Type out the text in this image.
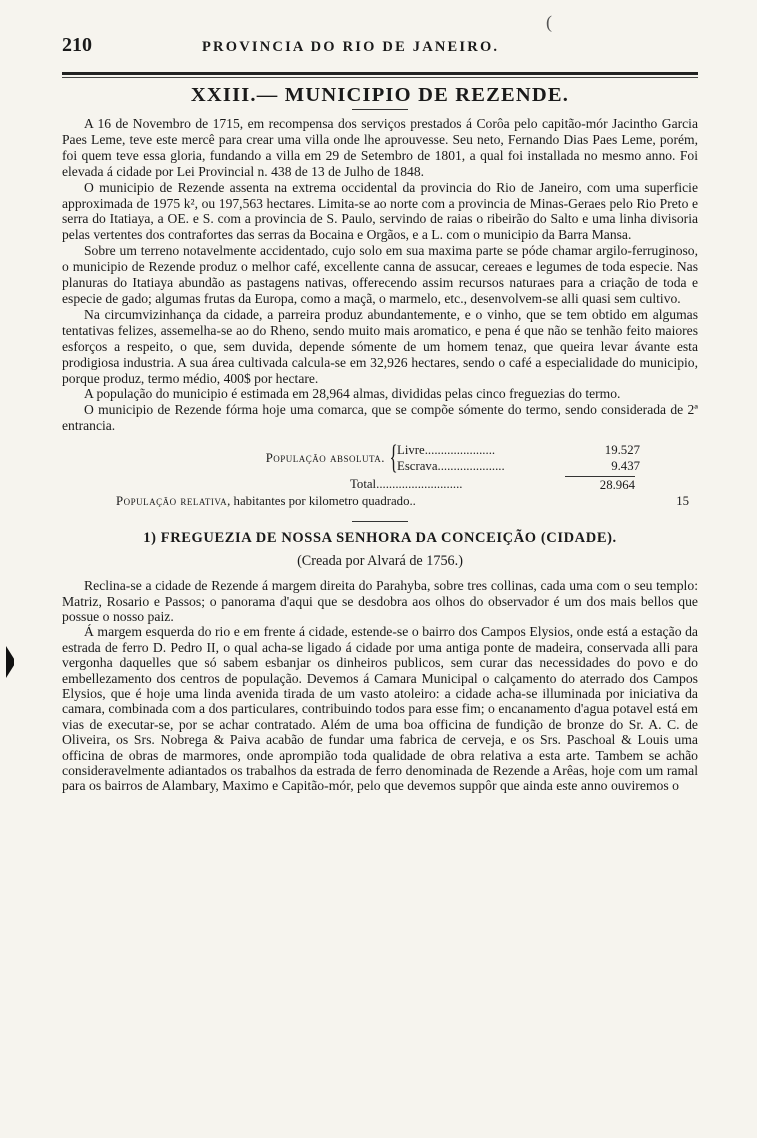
(
210	PROVINCIA DO RIO DE JANEIRO.
XXIII.— MUNICIPIO DE REZENDE.

A 16 de Novembro de 1715, em recompensa dos serviços prestados á Corôa pelo capitão-mór Jacintho Garcia Paes Leme, teve este mercê para crear uma villa onde lhe aprouvesse. Seu neto, Fernando Dias Paes Leme, porém, foi quem teve essa gloria, fundando a villa em 29 de Setembro de 1801, a qual foi installada no mesmo anno. Foi elevada á cidade por Lei Provincial n. 438 de 13 de Julho de 1848.

O municipio de Rezende assenta na extrema occidental da provincia do Rio de Janeiro, com uma superficie approximada de 1975 k², ou 197,563 hectares. Limita-se ao norte com a provincia de Minas-Geraes pelo Rio Preto e serra do Itatiaya, a OE. e S. com a provincia de S. Paulo, servindo de raias o ribeirão do Salto e uma linha divisoria pelas vertentes dos contrafortes das serras da Bocaina e Orgãos, e a L. com o municipio da Barra Mansa.

Sobre um terreno notavelmente accidentado, cujo solo em sua maxima parte se póde chamar argilo-ferruginoso, o municipio de Rezende produz o melhor café, excellente canna de assucar, cereaes e legumes de toda especie. Nas planuras do Itatiaya abundão as pastagens nativas, offerecendo assim recursos naturaes para a criação de toda e especie de gado; algumas frutas da Europa, como a maçã, o marmelo, etc., desenvolvem-se alli quasi sem cultivo.

Na circumvizinhança da cidade, a parreira produz abundantemente, e o vinho, que se tem obtido em algumas tentativas felizes, assemelha-se ao do Rheno, sendo muito mais aromatico, e pena é que não se tenhão feito maiores esforços a respeito, o que, sem duvida, depende sómente de um homem tenaz, que queira levar ávante esta prodigiosa industria. A sua área cultivada calcula-se em 32,926 hectares, sendo o café a especialidade do municipio, porque produz, termo médio, 400$ por hectare.

A população do municipio é estimada em 28,964 almas, divididas pelas cinco freguezias do termo.

O municipio de Rezende fórma hoje uma comarca, que se compõe sómente do termo, sendo considerada de 2ª entrancia.

População absoluta. { Livre ......................	19.527
Escrava .....................	9.437
Total ...........................	28.964
População relativa, habitantes por kilometro quadrado..	15
1) FREGUEZIA DE NOSSA SENHORA DA CONCEIÇÃO (CIDADE).
(Creada por Alvará de 1756.)

Reclina-se a cidade de Rezende á margem direita do Parahyba, sobre tres collinas, cada uma com o seu templo: Matriz, Rosario e Passos; o panorama d'aqui que se desdobra aos olhos do observador é um dos mais bellos que possue o nosso paiz.

Á margem esquerda do rio e em frente á cidade, estende-se o bairro dos Campos Elysios, onde está a estação da estrada de ferro D. Pedro II, o qual acha-se ligado á cidade por uma antiga ponte de madeira, conservada alli para vergonha daquelles que só sabem esbanjar os dinheiros publicos, sem curar das necessidades do povo e do embellezamento dos centros de população. Devemos á Camara Municipal o calçamento do aterrado dos Campos Elysios, que é hoje uma linda avenida tirada de um vasto atoleiro: a cidade acha-se illuminada por iniciativa da camara, combinada com a dos particulares, contribuindo todos para esse fim; o encanamento d'agua potavel está em vias de executar-se, por se achar contratado. Além de uma boa officina de fundição de bronze do Sr. A. C. de Oliveira, os Srs. Nobrega & Paiva acabão de fundar uma fabrica de cerveja, e os Srs. Paschoal & Louis uma officina de obras de marmores, onde aprompião toda qualidade de obra relativa a esta arte. Tambem se achão consideravelmente adiantados os trabalhos da estrada de ferro denominada de Rezende a Arêas, hoje com um ramal para os bairros de Alambary, Maximo e Capitão-mór, pelo que devemos suppôr que ainda este anno ouviremos o
